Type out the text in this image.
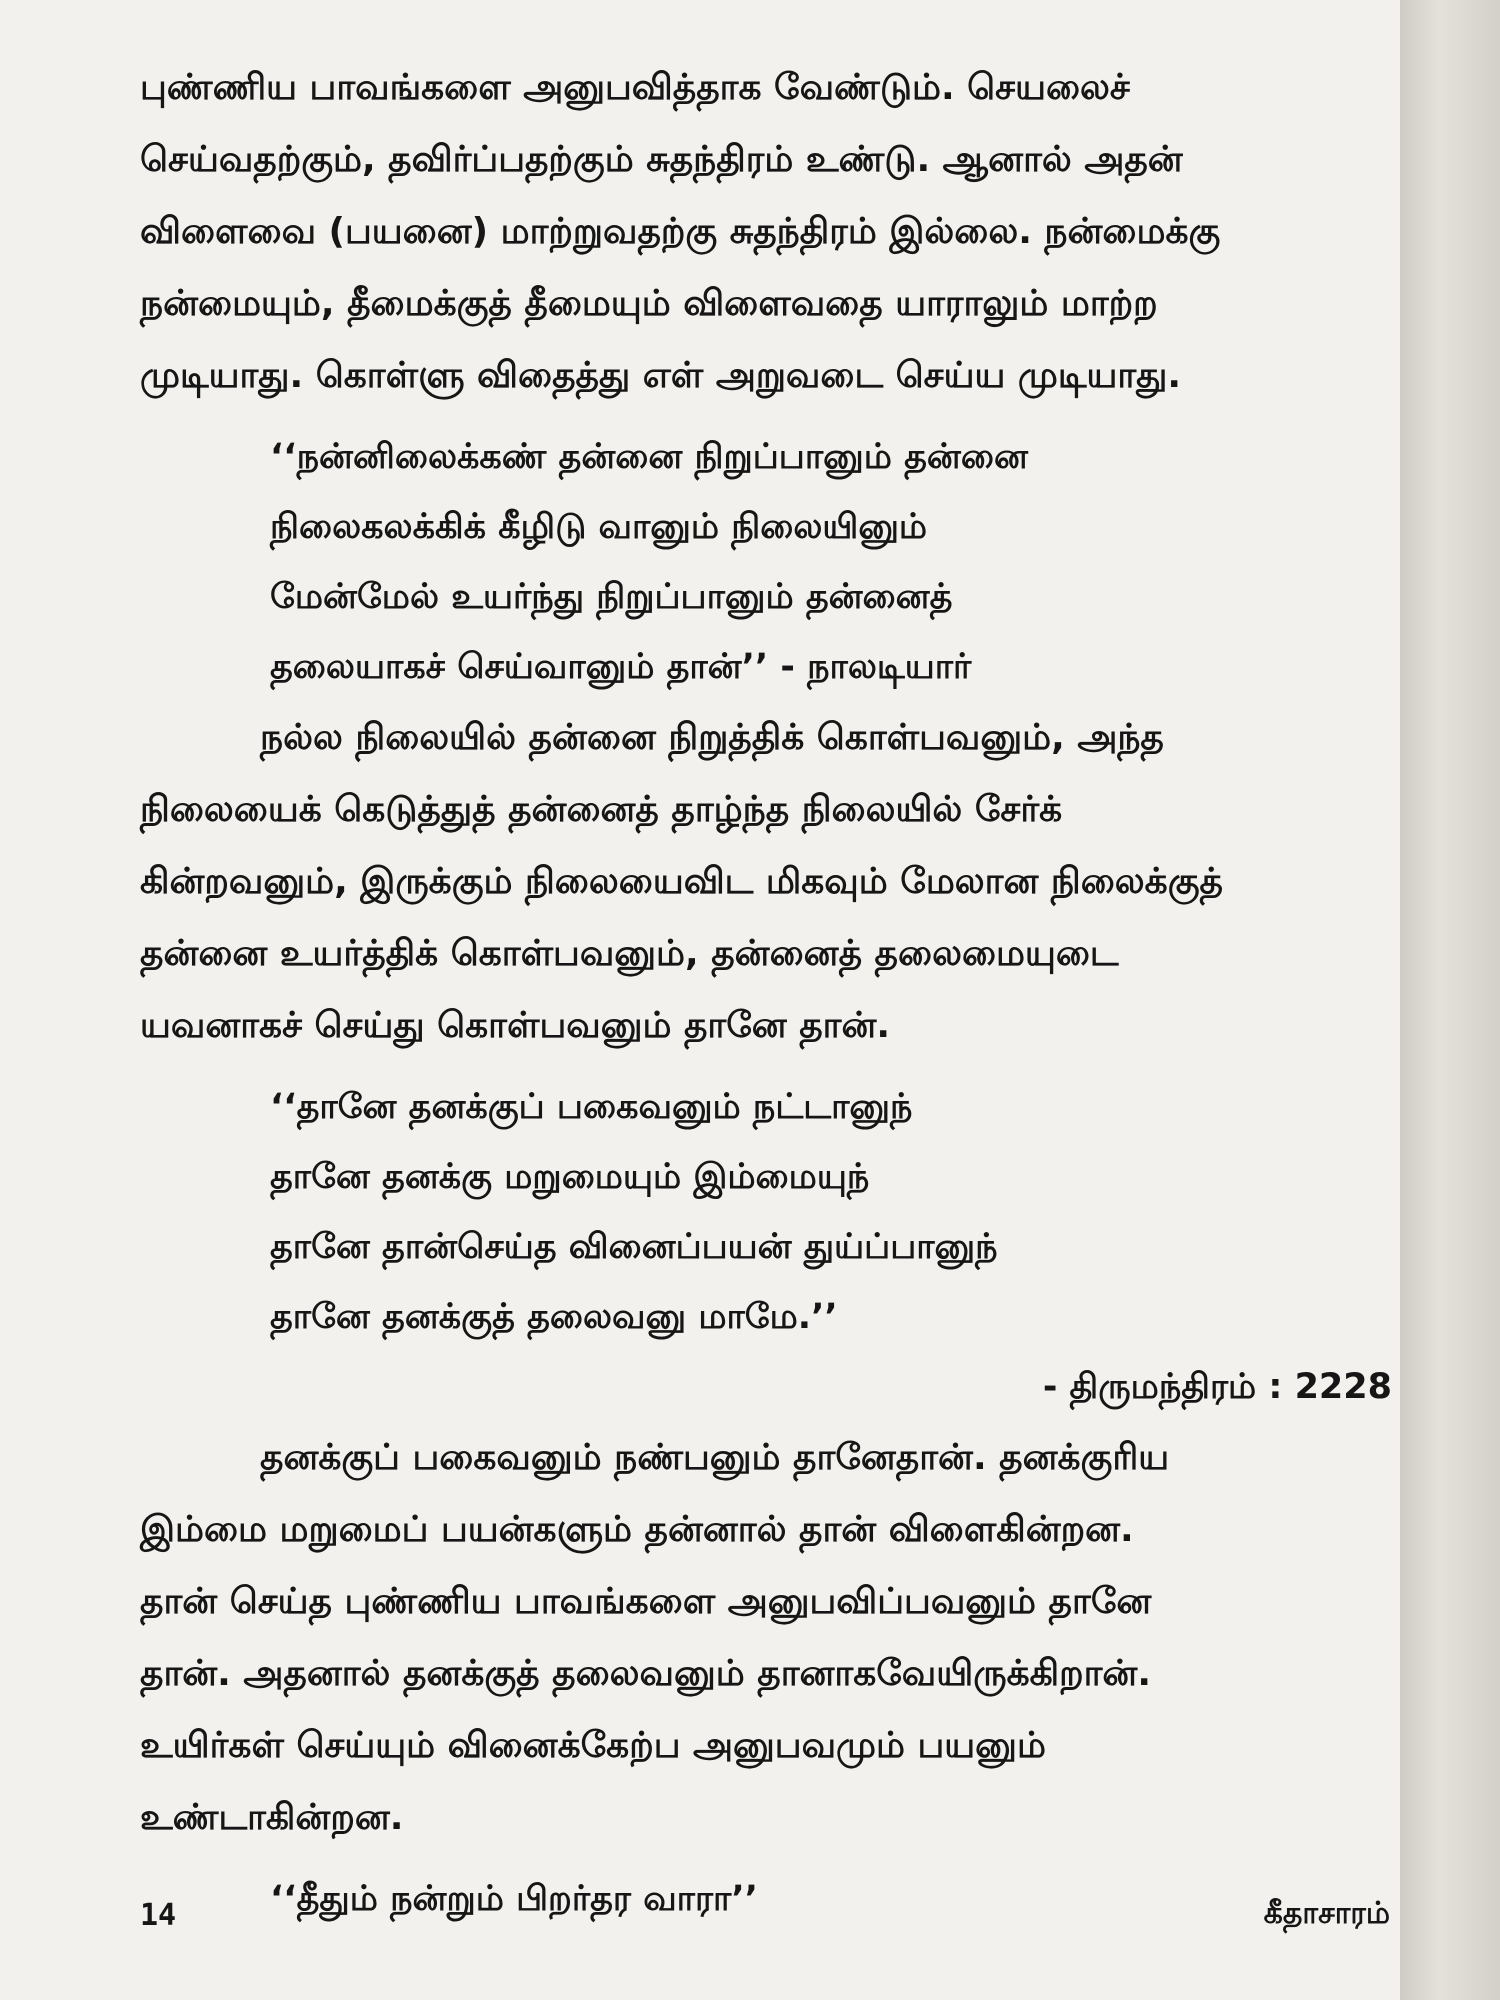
புண்ணிய பாவங்களை அனுபவித்தாக வேண்டும். செயலைச்
செய்வதற்கும், தவிர்ப்பதற்கும் சுதந்திரம் உண்டு. ஆனால் அதன்
விளைவை (பயனை) மாற்றுவதற்கு சுதந்திரம் இல்லை. நன்மைக்கு
நன்மையும், தீமைக்குத் தீமையும் விளைவதை யாராலும் மாற்ற
முடியாது. கொள்ளு விதைத்து எள் அறுவடை செய்ய முடியாது.

‘‘நன்னிலைக்கண் தன்னை நிறுப்பானும் தன்னை
நிலைகலக்கிக் கீழிடு வானும் நிலையினும்
மேன்மேல் உயர்ந்து நிறுப்பானும் தன்னைத்
தலையாகச் செய்வானும் தான்’’ - நாலடியார்

நல்ல நிலையில் தன்னை நிறுத்திக் கொள்பவனும், அந்த
நிலையைக் கெடுத்துத் தன்னைத் தாழ்ந்த நிலையில் சேர்க்
கின்றவனும், இருக்கும் நிலையைவிட மிகவும் மேலான நிலைக்குத்
தன்னை உயர்த்திக் கொள்பவனும், தன்னைத் தலைமையுடை
யவனாகச் செய்து கொள்பவனும் தானே தான்.

‘‘தானே தனக்குப் பகைவனும் நட்டானுந்
தானே தனக்கு மறுமையும் இம்மையுந்
தானே தான்செய்த வினைப்பயன் துய்ப்பானுந்
தானே தனக்குத் தலைவனு மாமே.’’
- திருமந்திரம் : 2228

தனக்குப் பகைவனும் நண்பனும் தானேதான். தனக்குரிய
இம்மை மறுமைப் பயன்களும் தன்னால் தான் விளைகின்றன.
தான் செய்த புண்ணிய பாவங்களை அனுபவிப்பவனும் தானே
தான். அதனால் தனக்குத் தலைவனும் தானாகவேயிருக்கிறான்.
உயிர்கள் செய்யும் வினைக்கேற்ப அனுபவமும் பயனும்
உண்டாகின்றன.

‘‘தீதும் நன்றும் பிறர்தர வாரா’’
14	கீதாசாரம்
